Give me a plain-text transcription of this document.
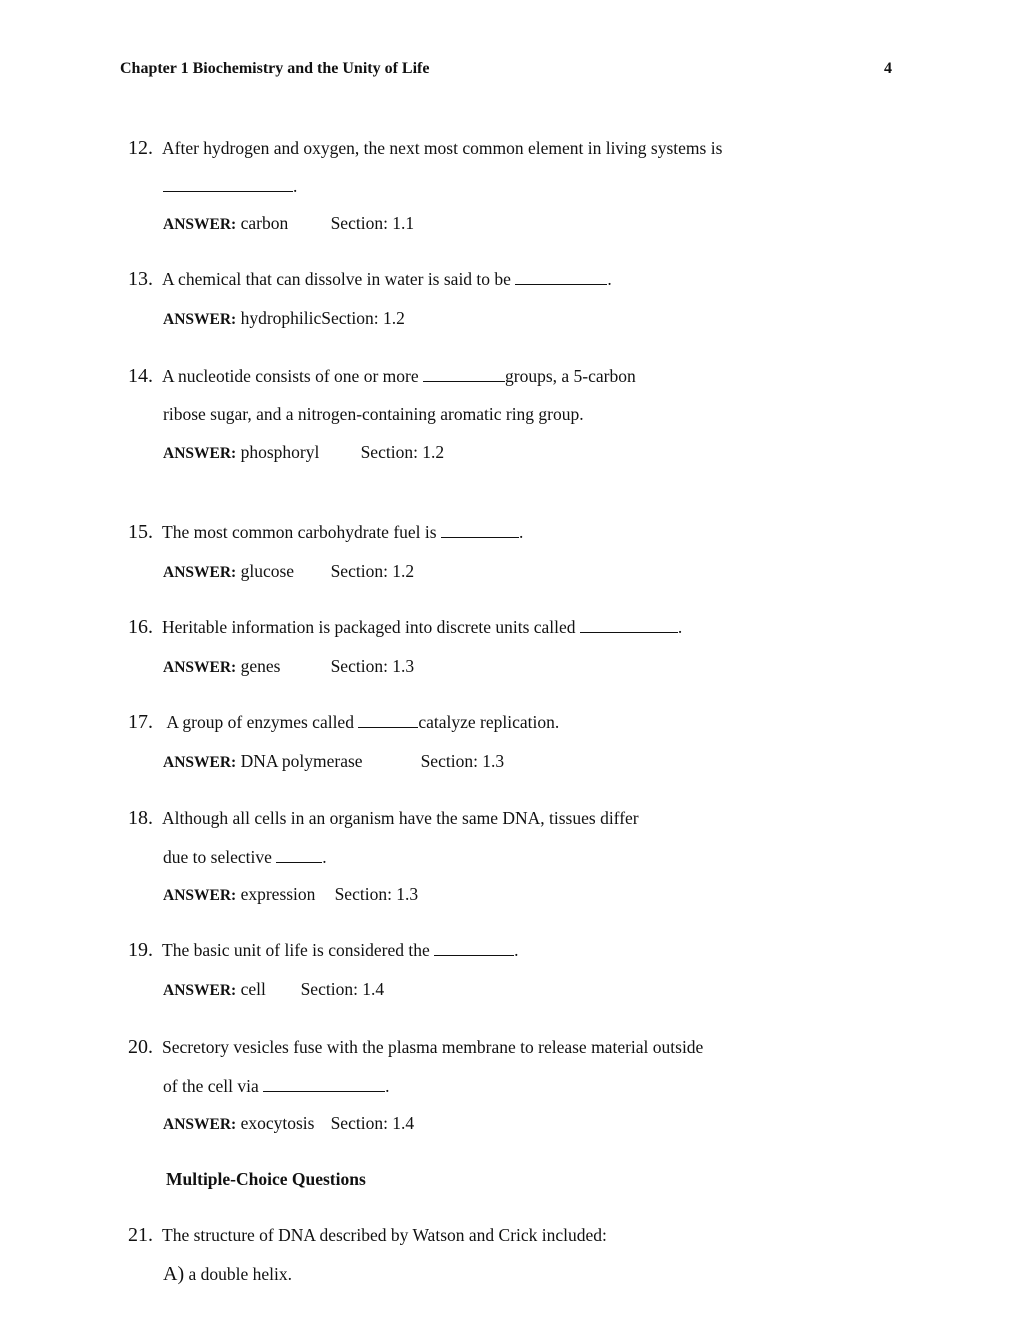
Chapter 1 Biochemistry and the Unity of Life	4
12. After hydrogen and oxygen, the next most common element in living systems is
.
ANSWER: carbon Section: 1.1
13. A chemical that can dissolve in water is said to be	.
ANSWER: hydrophilicSection: 1.2
14. A nucleotide consists of one or more	groups, a 5-carbon
ribose sugar, and a nitrogen-containing aromatic ring group.
ANSWER: phosphoryl Section: 1.2
15. The most common carbohydrate fuel is	.
ANSWER: glucose Section: 1.2
16. Heritable information is packaged into discrete units called	.
ANSWER: genes	Section: 1.3
17. A group of enzymes called	catalyze replication.
ANSWER: DNA polymerase	Section: 1.3
18. Although all cells in an organism have the same DNA, tissues differ
due to selective	.
ANSWER: expression Section: 1.3
19. The basic unit of life is considered the	.
ANSWER: cell Section: 1.4
20. Secretory vesicles fuse with the plasma membrane to release material outside
of the cell via	.
ANSWER: exocytosis Section: 1.4
Multiple-Choice Questions
21. The structure of DNA described by Watson and Crick included:
A) a double helix.
